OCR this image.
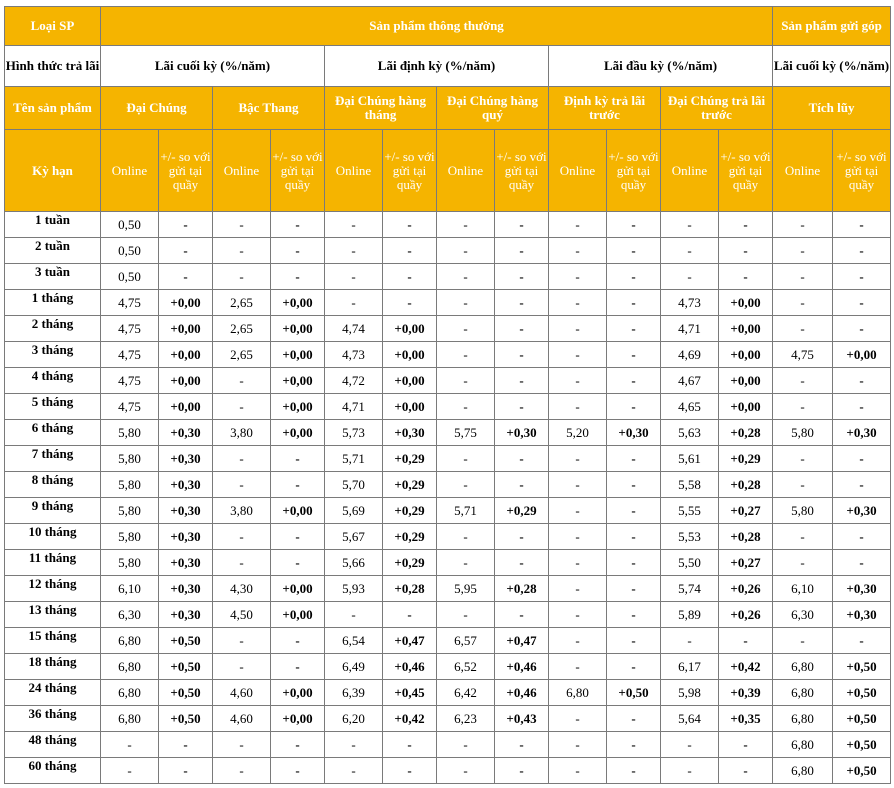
Loại SP	Sản phẩm thông thường												Sản phẩm gửi góp	
Hình thức trả lãi	Lãi cuối kỳ (%/năm)				Lãi định kỳ (%/năm)				Lãi đầu kỳ (%/năm)				Lãi cuối kỳ (%/năm)	
Tên sản phẩm	Đại Chúng		Bậc Thang		Đại Chúng hàng tháng		Đại Chúng hàng quý		Định kỳ trả lãi trước		Đại Chúng trả lãi trước		Tích lũy	
Kỳ hạn	Online	+/- so với gửi tại quầy	Online	+/- so với gửi tại quầy	Online	+/- so với gửi tại quầy	Online	+/- so với gửi tại quầy	Online	+/- so với gửi tại quầy	Online	+/- so với gửi tại quầy	Online	+/- so với gửi tại quầy
1 tuần	0,50	-	-	-	-	-	-	-	-	-	-	-	-	-
2 tuần	0,50	-	-	-	-	-	-	-	-	-	-	-	-	-
3 tuần	0,50	-	-	-	-	-	-	-	-	-	-	-	-	-
1 tháng	4,75	+0,00	2,65	+0,00	-	-	-	-	-	-	4,73	+0,00	-	-
2 tháng	4,75	+0,00	2,65	+0,00	4,74	+0,00	-	-	-	-	4,71	+0,00	-	-
3 tháng	4,75	+0,00	2,65	+0,00	4,73	+0,00	-	-	-	-	4,69	+0,00	4,75	+0,00
4 tháng	4,75	+0,00	-	+0,00	4,72	+0,00	-	-	-	-	4,67	+0,00	-	-
5 tháng	4,75	+0,00	-	+0,00	4,71	+0,00	-	-	-	-	4,65	+0,00	-	-
6 tháng	5,80	+0,30	3,80	+0,00	5,73	+0,30	5,75	+0,30	5,20	+0,30	5,63	+0,28	5,80	+0,30
7 tháng	5,80	+0,30	-	-	5,71	+0,29	-	-	-	-	5,61	+0,29	-	-
8 tháng	5,80	+0,30	-	-	5,70	+0,29	-	-	-	-	5,58	+0,28	-	-
9 tháng	5,80	+0,30	3,80	+0,00	5,69	+0,29	5,71	+0,29	-	-	5,55	+0,27	5,80	+0,30
10 tháng	5,80	+0,30	-	-	5,67	+0,29	-	-	-	-	5,53	+0,28	-	-
11 tháng	5,80	+0,30	-	-	5,66	+0,29	-	-	-	-	5,50	+0,27	-	-
12 tháng	6,10	+0,30	4,30	+0,00	5,93	+0,28	5,95	+0,28	-	-	5,74	+0,26	6,10	+0,30
13 tháng	6,30	+0,30	4,50	+0,00	-	-	-	-	-	-	5,89	+0,26	6,30	+0,30
15 tháng	6,80	+0,50	-	-	6,54	+0,47	6,57	+0,47	-	-	-	-	-	-
18 tháng	6,80	+0,50	-	-	6,49	+0,46	6,52	+0,46	-	-	6,17	+0,42	6,80	+0,50
24 tháng	6,80	+0,50	4,60	+0,00	6,39	+0,45	6,42	+0,46	6,80	+0,50	5,98	+0,39	6,80	+0,50
36 tháng	6,80	+0,50	4,60	+0,00	6,20	+0,42	6,23	+0,43	-	-	5,64	+0,35	6,80	+0,50
48 tháng	-	-	-	-	-	-	-	-	-	-	-	-	6,80	+0,50
60 tháng	-	-	-	-	-	-	-	-	-	-	-	-	6,80	+0,50
